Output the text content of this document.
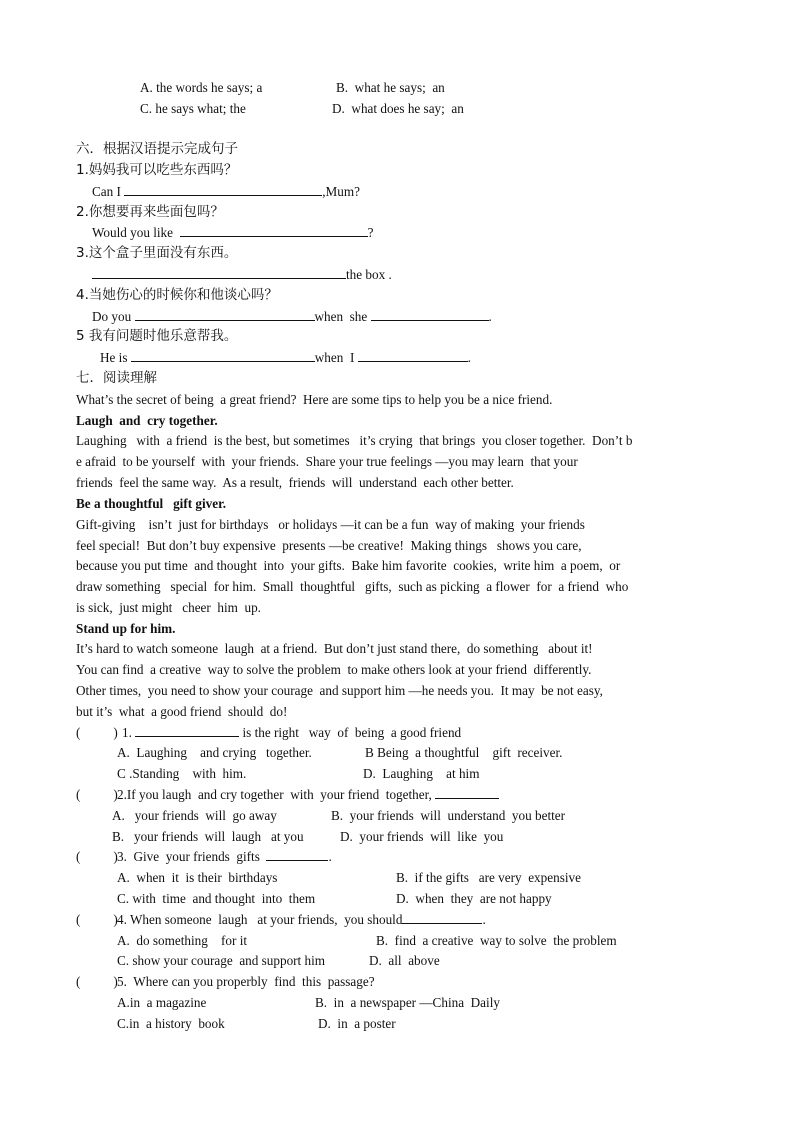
A. the words he says; a	B.  what he says;  an
C. he says what; the	D.  what does he say;  an
六．根据汉语提示完成句子
1.妈妈我可以吃些东西吗？
Can I	,Mum?
2.你想要再来些面包吗？
Would you like	?
3.这个盒子里面没有东西。
the box .
4.当她伤心的时候你和他谈心吗？
Do you	when  she	.
5 我有问题时他乐意帮我。
He is	when  I	.
七．阅读理解
What’s the secret of being  a great friend?  Here are some tips to help you be a nice friend.
Laugh  and  cry together.
Laughing   with  a friend  is the best, but sometimes   it’s crying  that brings  you closer together.  Don’t b
e afraid  to be yourself  with  your friends.  Share your true feelings —you may learn  that your
friends  feel the same way.  As a result,  friends  will  understand  each other better.
Be a thoughtful   gift giver.
Gift-giving    isn’t  just for birthdays   or holidays —it can be a fun  way of making  your friends
feel special!  But don’t buy expensive  presents —be creative!  Making things   shows you care,
because you put time  and thought  into  your gifts.  Bake him favorite  cookies,  write him  a poem,  or
draw something   special  for him.  Small  thoughtful   gifts,  such as picking  a flower  for  a friend  who
is sick,  just might   cheer  him  up.
Stand up for him.
It’s hard to watch someone  laugh  at a friend.  But don’t just stand there,  do something   about it!
You can find  a creative  way to solve the problem  to make others look at your friend  differently.
Other times,  you need to show your courage  and support him —he needs you.  It may  be not easy,
but it’s  what  a good friend  should  do!
(          ) 1.	is the right   way  of  being  a good friend
A.  Laughing    and crying   together.	B Being  a thoughtful    gift  receiver.
C .Standing    with  him.	D.  Laughing    at him
(          ) 2.If you laugh  and cry together  with  your friend  together,
A.   your friends  will  go away	B.  your friends  will  understand  you better
B.   your friends  will  laugh   at you	D.  your friends  will  like  you
(          ) 3.  Give  your friends  gifts	.
A.  when  it  is their  birthdays	B.  if the gifts   are very  expensive
C. with  time  and thought  into  them	D.  when  they  are not happy
(          ) 4. When someone  laugh   at your friends,  you should	.
A.  do something    for it	B.  find  a creative  way to solve  the problem
C. show your courage  and support him	D.  all  above
(          ) 5.  Where can you properbly  find  this  passage?
A.in  a magazine	B.  in  a newspaper —China  Daily
C.in  a history  book	D.  in  a poster
